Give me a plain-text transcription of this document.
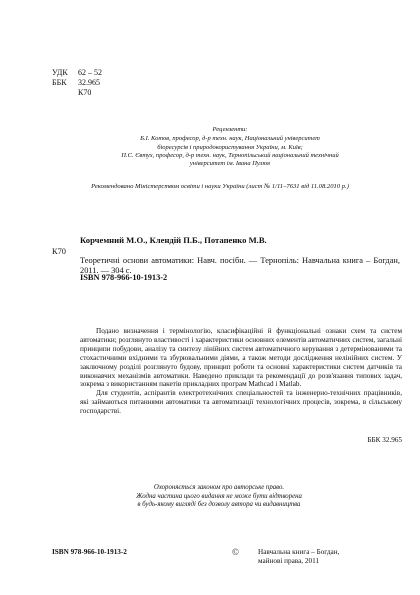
УДК	62 – 52
ББК	32.965
К70
Рецензенти:
Б.І. Котов, професор, д-р техн. наук, Національний університет
біоресурсів і природокористування України, м. Київ;
П.С. Євтух, професор, д-р техн. наук, Тернопільський національний технічний
університет ім. Івана Пулюя
Рекомендовано Міністерством освіти і науки України (лист № 1/11–7631 від 11.08.2010 р.)
Корчемний М.О., Клендій П.Б., Потапенко М.В.
К70
Теоретичні основи автоматики: Навч. посібн. — Тернопіль: Навчальна книга – Богдан, 2011. — 304 с.
ISBN 978-966-10-1913-2

Подано визначення і термінологію, класифікаційні й функціональні ознаки схем та систем автоматики; розглянуто властивості і характеристики основних елементів автоматичних систем, загальні принципи побудови, аналізу та синтезу лінійних систем автоматичного керування з детермінованими та стохастичними вхідними та збурювальними діями, а також методи дослідження нелінійних систем. У заключному розділі розглянуто будову, принцип роботи та основні характеристики систем датчиків та виконавчих механізмів автоматики. Наведено приклади та рекомендації до розв'язання типових задач, зокрема з використанням пакетів прикладних програм Mathcad і Matlab.

Для студентів, аспірантів електротехнічних спеціальностей та інженерно-технічних працівників, які займаються питаннями автоматики та автоматизації технологічних процесів, зокрема, в сільському господарстві.

ББК 32.965
Охороняється законом про авторське право.
Жодна частина цього видання не може бути відтворена
в будь-якому вигляді без дозволу автора чи видавництва
ISBN 978-966-10-1913-2	©	Навчальна книга – Богдан,
майнові права, 2011
